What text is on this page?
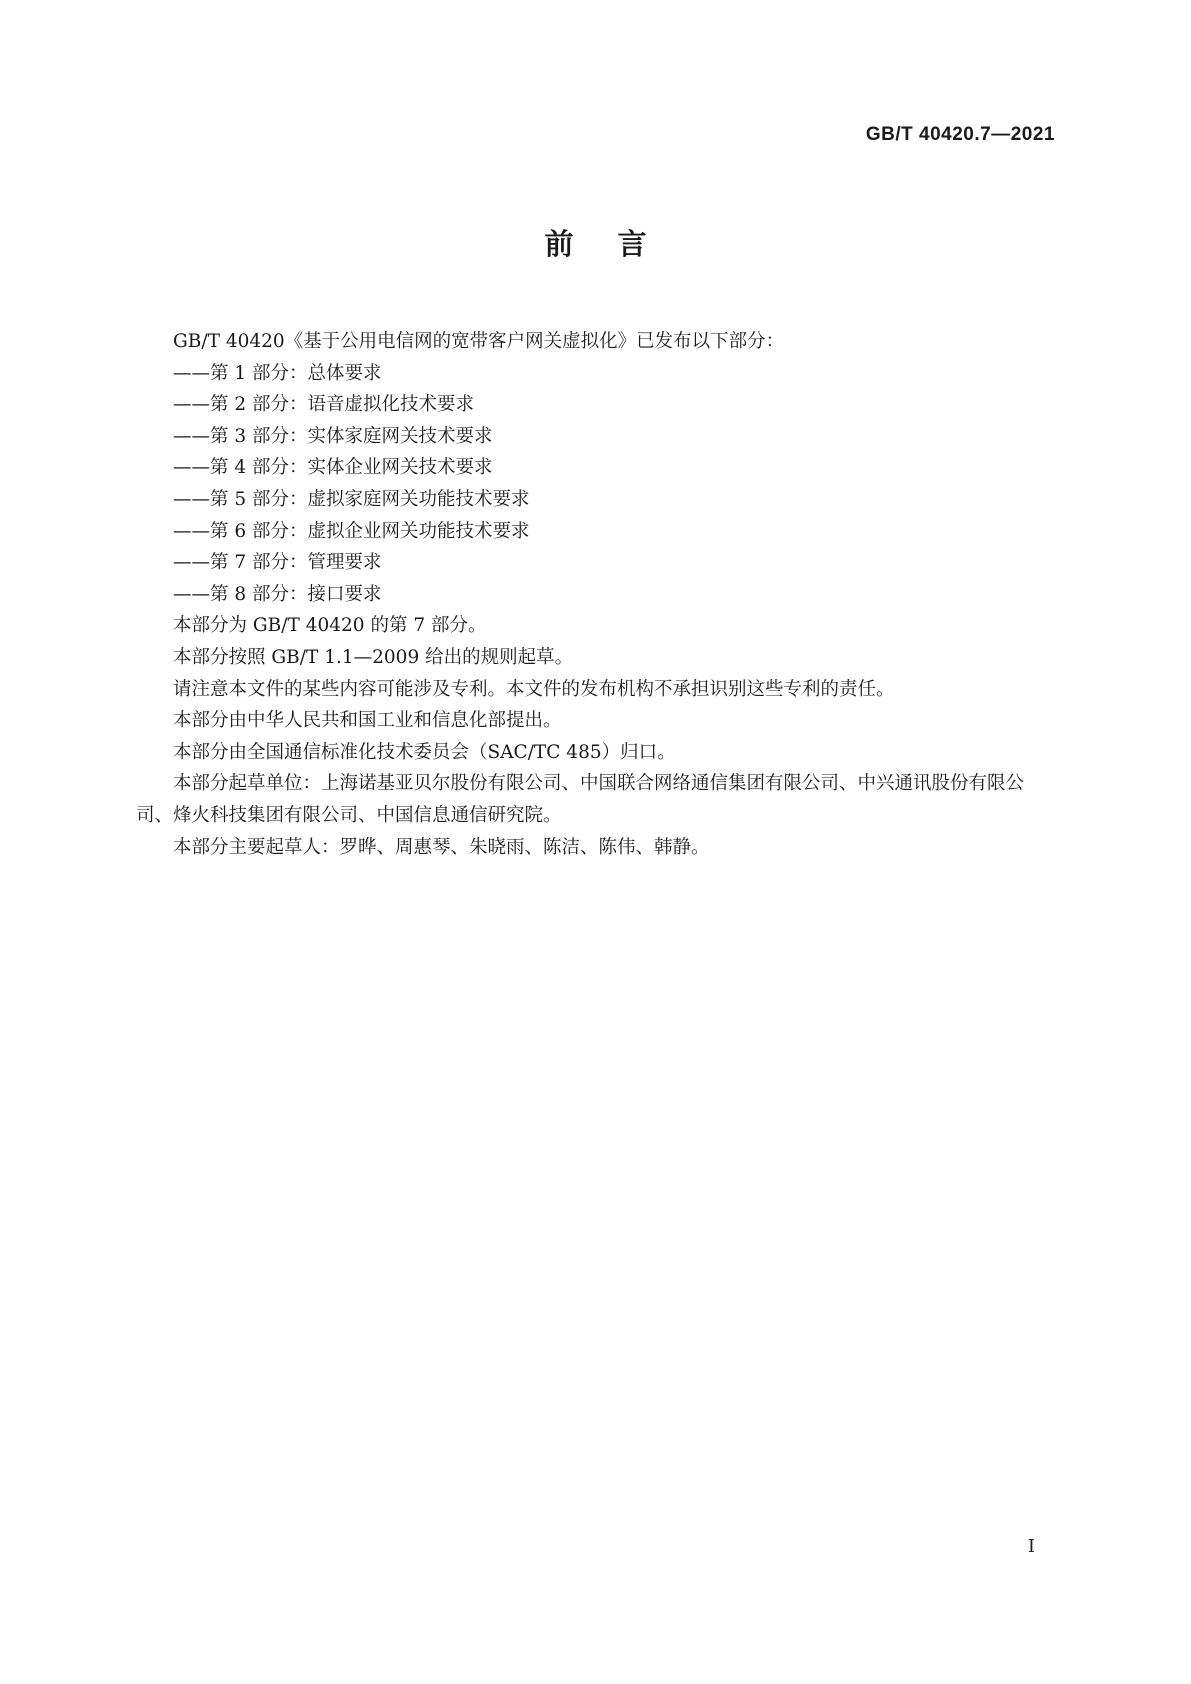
GB/T 40420.7—2021
前言

GB/T 40420《基于公用电信网的宽带客户网关虚拟化》已发布以下部分：

——第 1 部分：总体要求

——第 2 部分：语音虚拟化技术要求

——第 3 部分：实体家庭网关技术要求

——第 4 部分：实体企业网关技术要求

——第 5 部分：虚拟家庭网关功能技术要求

——第 6 部分：虚拟企业网关功能技术要求

——第 7 部分：管理要求

——第 8 部分：接口要求

本部分为 GB/T 40420 的第 7 部分。

本部分按照 GB/T 1.1—2009 给出的规则起草。

请注意本文件的某些内容可能涉及专利。本文件的发布机构不承担识别这些专利的责任。

本部分由中华人民共和国工业和信息化部提出。

本部分由全国通信标准化技术委员会（SAC/TC 485）归口。

本部分起草单位：上海诺基亚贝尔股份有限公司、中国联合网络通信集团有限公司、中兴通讯股份有限公司、烽火科技集团有限公司、中国信息通信研究院。

本部分主要起草人：罗晔、周惠琴、朱晓雨、陈洁、陈伟、韩静。

I
